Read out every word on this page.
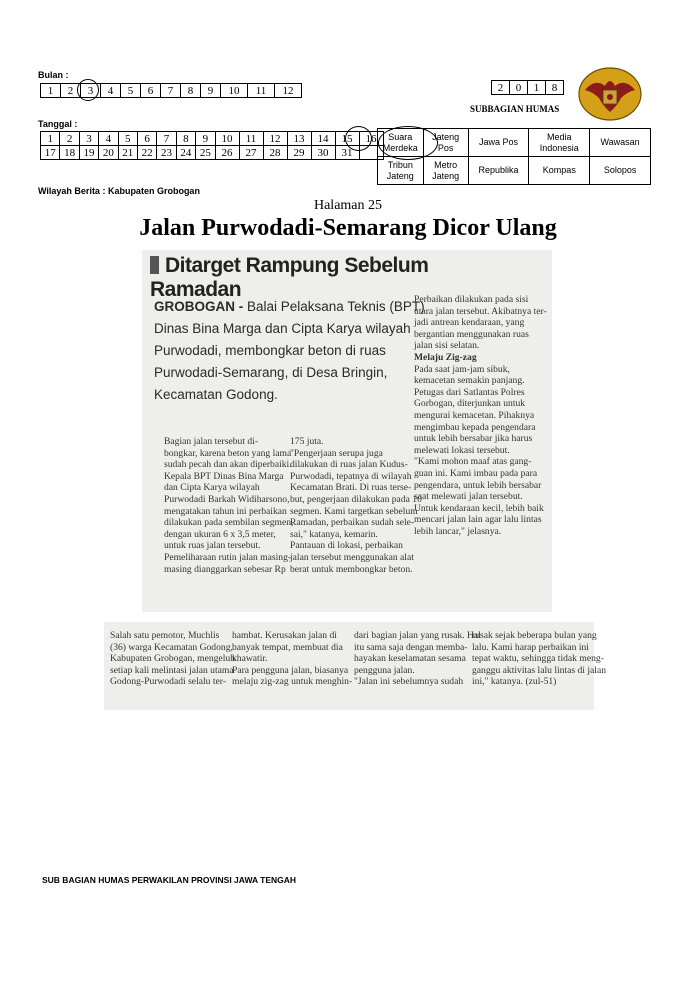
Bulan :
1	2	3	4	5	6	7	8	9	10	11	12
Tanggal :
1	2	3	4	5	6	7	8	9	10	11	12	13	14	15	16
17	18	19	20	21	22	23	24	25	26	27	28	29	30	31	
2	0	1	8
SUBBAGIAN HUMAS
Suara Merdeka	Jateng Pos	Jawa Pos	Media Indonesia	Wawasan
Tribun Jateng	Metro Jateng	Republika	Kompas	Solopos
Wilayah Berita : Kabupaten Grobogan
Halaman 25
Jalan Purwodadi-Semarang Dicor Ulang
Ditarget Rampung Sebelum Ramadan
GROBOGAN - Balai Pelaksana Teknis (BPT)
Dinas Bina Marga dan Cipta Karya wilayah
Purwodadi, membongkar beton di ruas
Purwodadi-Semarang, di Desa Bringin,
Kecamatan Godong.
Bagian jalan tersebut di-
bongkar, karena beton yang lama
sudah pecah dan akan diperbaiki.
Kepala BPT Dinas Bina Marga
dan Cipta Karya wilayah
Purwodadi Barkah Widiharsono,
mengatakan tahun ini perbaikan
dilakukan pada sembilan segmen,
dengan ukuran 6 x 3,5 meter,
untuk ruas jalan tersebut.
Pemeliharaan rutin jalan masing-
masing dianggarkan sebesar Rp
175 juta.
"Pengerjaan serupa juga
dilakukan di ruas jalan Kudus-
Purwodadi, tepatnya di wilayah
Kecamatan Brati. Di ruas terse-
but, pengerjaan dilakukan pada 10
segmen. Kami targetkan sebelum
Ramadan, perbaikan sudah sele-
sai," katanya, kemarin.
Pantauan di lokasi, perbaikan
jalan tersebut menggunakan alat
berat untuk membongkar beton.
Perbaikan dilakukan pada sisi
utara jalan tersebut. Akibatnya ter-
jadi antrean kendaraan, yang
bergantian menggunakan ruas
jalan sisi selatan.
Melaju Zig-zag
Pada saat jam-jam sibuk,
kemacetan semakin panjang.
Petugas dari Satlantas Polres
Gorbogan, diterjunkan untuk
mengurai kemacetan. Pihaknya
mengimbau kepada pengendara
untuk lebih bersabar jika harus
melewati lokasi tersebut.
"Kami mohon maaf atas gang-
guan ini. Kami imbau pada para
pengendara, untuk lebih bersabar
saat melewati jalan tersebut.
Untuk kendaraan kecil, lebih baik
mencari jalan lain agar lalu lintas
lebih lancar," jelasnya.
Salah satu pemotor, Muchlis
(36) warga Kecamatan Godong,
Kabupaten Grobogan, mengeluh
setiap kali melintasi jalan utama
Godong-Purwodadi selalu ter-
hambat. Kerusakan jalan di
banyak tempat, membuat dia
khawatir.
Para pengguna jalan, biasanya
melaju zig-zag untuk menghin-
dari bagian jalan yang rusak. Hal
itu sama saja dengan memba-
hayakan keselamatan sesama
pengguna jalan.
"Jalan ini sebelumnya sudah
rusak sejak beberapa bulan yang
lalu. Kami harap perbaikan ini
tepat waktu, sehingga tidak meng-
ganggu aktivitas lalu lintas di jalan
ini," katanya. (zul-51)
SUB BAGIAN HUMAS PERWAKILAN PROVINSI JAWA TENGAH
